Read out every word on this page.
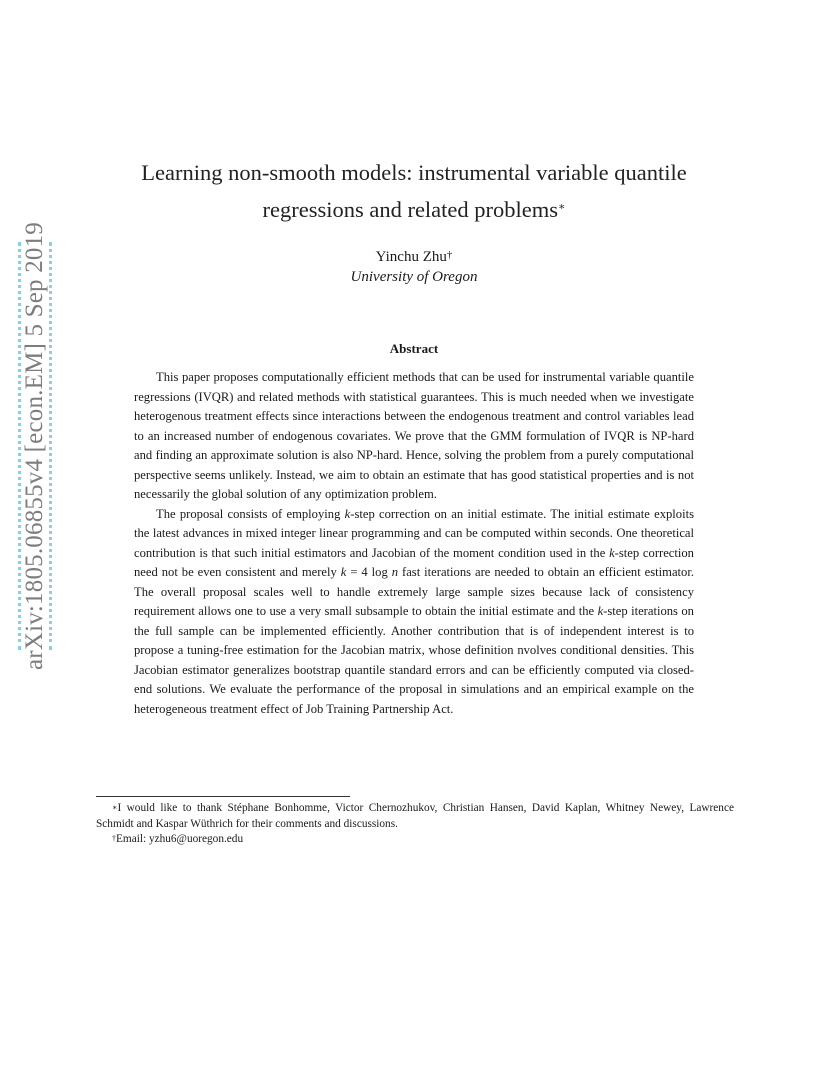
arXiv:1805.06855v4 [econ.EM] 5 Sep 2019
Learning non-smooth models: instrumental variable quantile
regressions and related problems∗
Yinchu Zhu†
University of Oregon
Abstract

This paper proposes computationally efficient methods that can be used for instrumental variable quantile regressions (IVQR) and related methods with statistical guarantees. This is much needed when we investigate heterogenous treatment effects since interactions between the endogenous treatment and control variables lead to an increased number of endogenous covariates. We prove that the GMM formulation of IVQR is NP-hard and finding an approximate solution is also NP-hard. Hence, solving the problem from a purely computational perspective seems unlikely. Instead, we aim to obtain an estimate that has good statistical properties and is not necessarily the global solution of any optimization problem.

The proposal consists of employing k-step correction on an initial estimate. The initial estimate exploits the latest advances in mixed integer linear programming and can be computed within seconds. One theoretical contribution is that such initial estimators and Jacobian of the moment condition used in the k-step correction need not be even consistent and merely k = 4 log n fast iterations are needed to obtain an efficient estimator. The overall proposal scales well to handle extremely large sample sizes because lack of consistency requirement allows one to use a very small subsample to obtain the initial estimate and the k-step iterations on the full sample can be implemented efficiently. Another contribution that is of independent interest is to propose a tuning-free estimation for the Jacobian matrix, whose definition nvolves conditional densities. This Jacobian estimator generalizes bootstrap quantile standard errors and can be efficiently computed via closed-end solutions. We evaluate the performance of the proposal in simulations and an empirical example on the heterogeneous treatment effect of Job Training Partnership Act.

∗I would like to thank Stéphane Bonhomme, Victor Chernozhukov, Christian Hansen, David Kaplan, Whitney Newey, Lawrence Schmidt and Kaspar Wüthrich for their comments and discussions.

†Email: yzhu6@uoregon.edu
